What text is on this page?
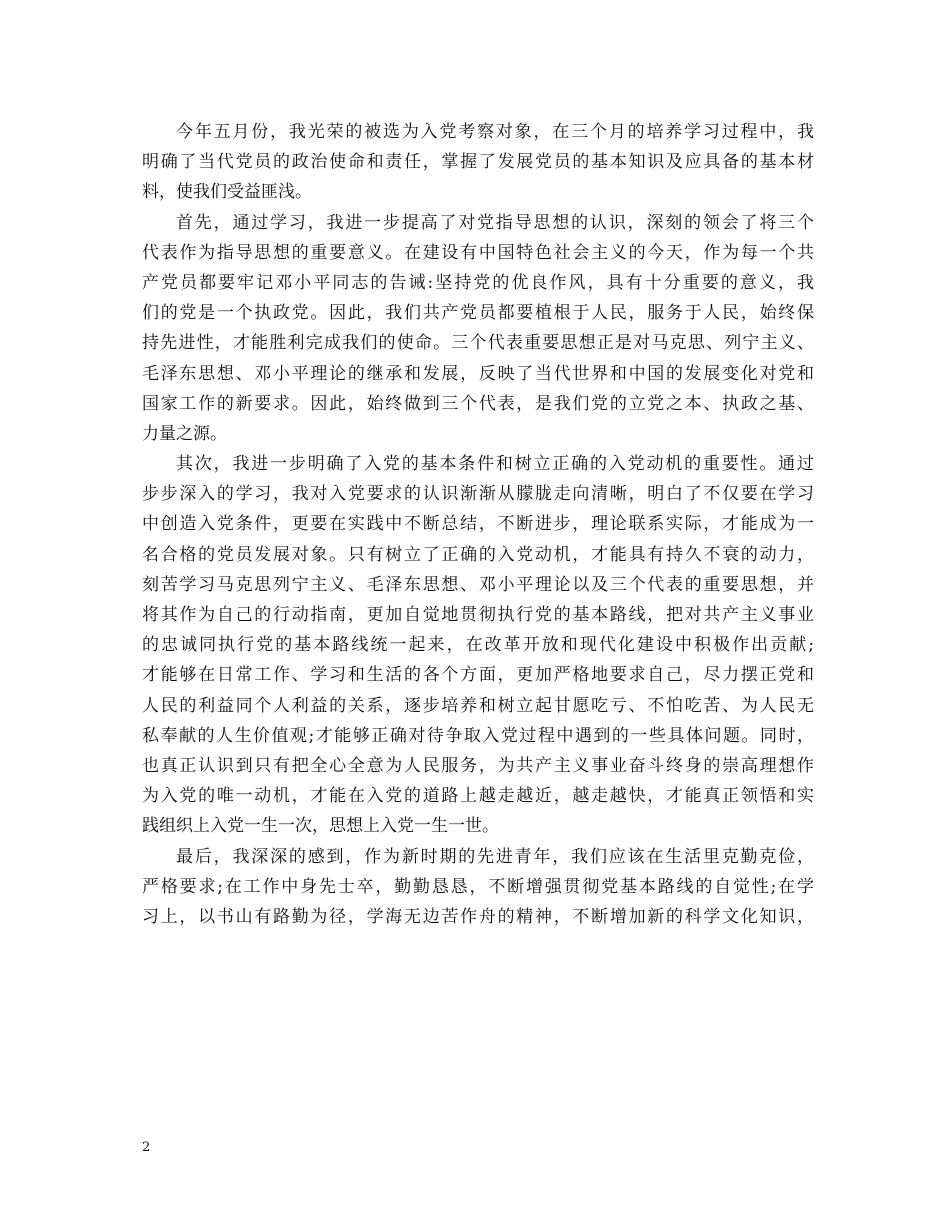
今年五月份，我光荣的被选为入党考察对象，在三个月的培养学习过程中，我
明确了当代党员的政治使命和责任，掌握了发展党员的基本知识及应具备的基本材
料，使我们受益匪浅。
首先，通过学习，我进一步提高了对党指导思想的认识，深刻的领会了将三个
代表作为指导思想的重要意义。在建设有中国特色社会主义的今天，作为每一个共
产党员都要牢记邓小平同志的告诫:坚持党的优良作风，具有十分重要的意义，我
们的党是一个执政党。因此，我们共产党员都要植根于人民，服务于人民，始终保
持先进性，才能胜利完成我们的使命。三个代表重要思想正是对马克思、列宁主义、
毛泽东思想、邓小平理论的继承和发展，反映了当代世界和中国的发展变化对党和
国家工作的新要求。因此，始终做到三个代表，是我们党的立党之本、执政之基、
力量之源。
其次，我进一步明确了入党的基本条件和树立正确的入党动机的重要性。通过
步步深入的学习，我对入党要求的认识渐渐从朦胧走向清晰，明白了不仅要在学习
中创造入党条件，更要在实践中不断总结，不断进步，理论联系实际，才能成为一
名合格的党员发展对象。只有树立了正确的入党动机，才能具有持久不衰的动力，
刻苦学习马克思列宁主义、毛泽东思想、邓小平理论以及三个代表的重要思想，并
将其作为自己的行动指南，更加自觉地贯彻执行党的基本路线，把对共产主义事业
的忠诚同执行党的基本路线统一起来，在改革开放和现代化建设中积极作出贡献;
才能够在日常工作、学习和生活的各个方面，更加严格地要求自己，尽力摆正党和
人民的利益同个人利益的关系，逐步培养和树立起甘愿吃亏、不怕吃苦、为人民无
私奉献的人生价值观;才能够正确对待争取入党过程中遇到的一些具体问题。同时，
也真正认识到只有把全心全意为人民服务，为共产主义事业奋斗终身的崇高理想作
为入党的唯一动机，才能在入党的道路上越走越近，越走越快，才能真正领悟和实
践组织上入党一生一次，思想上入党一生一世。
最后，我深深的感到，作为新时期的先进青年，我们应该在生活里克勤克俭，
严格要求;在工作中身先士卒，勤勤恳恳，不断增强贯彻党基本路线的自觉性;在学
习上，以书山有路勤为径，学海无边苦作舟的精神，不断增加新的科学文化知识，
2
